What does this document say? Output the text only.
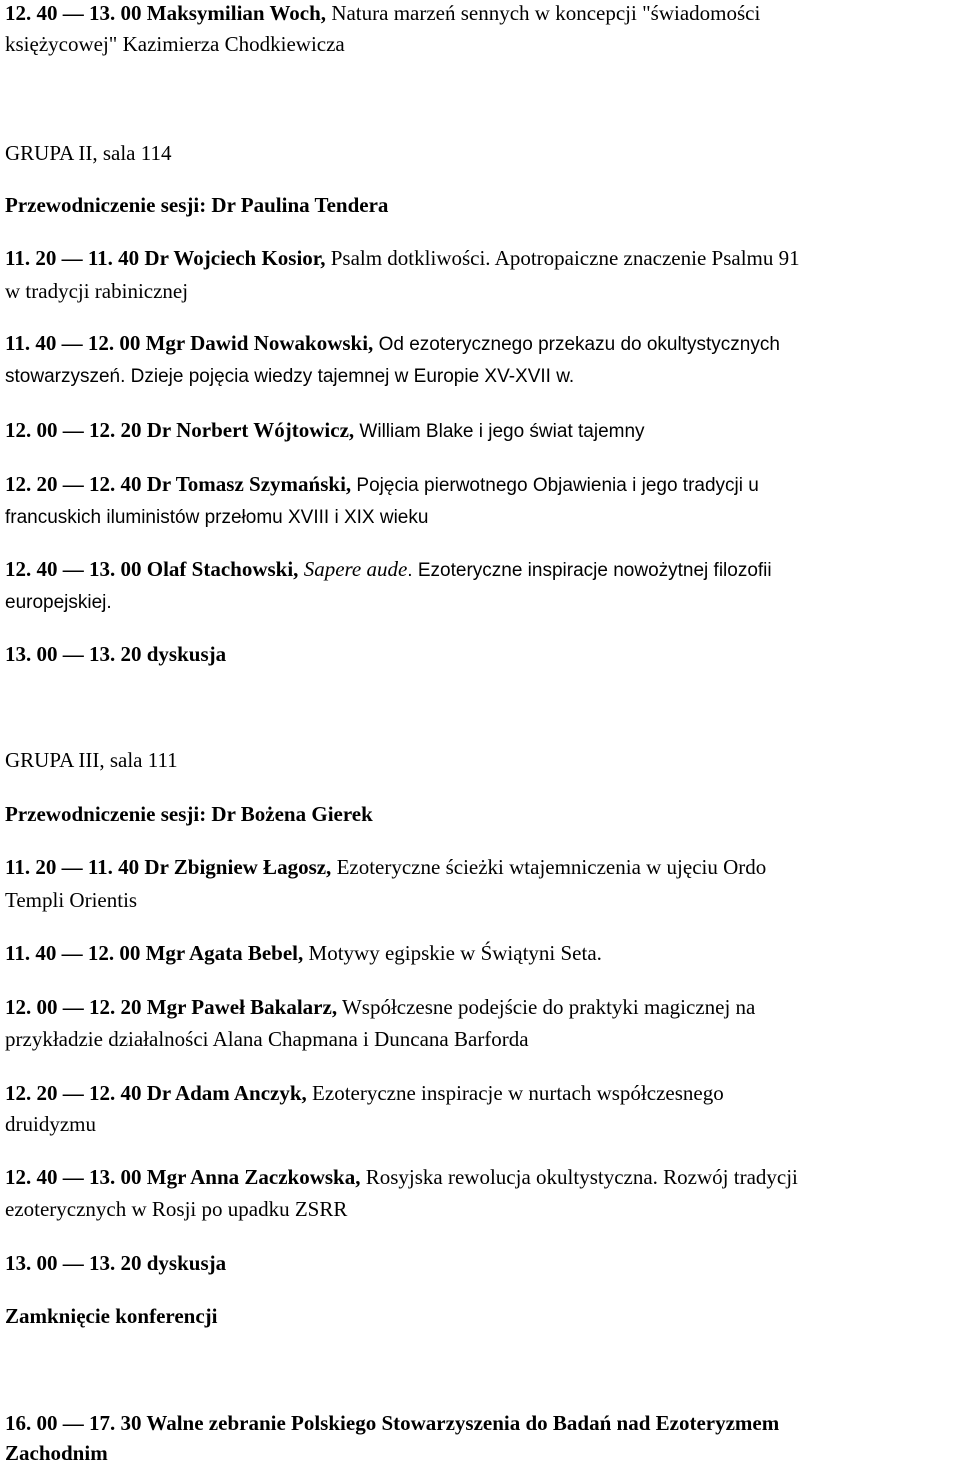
12. 40 — 13. 00 Maksymilian Woch, Natura marzeń sennych w koncepcji "świadomości
księżycowej" Kazimierza Chodkiewicza
GRUPA II, sala 114
Przewodniczenie sesji: Dr Paulina Tendera
11. 20 — 11. 40 Dr Wojciech Kosior, Psalm dotkliwości. Apotropaiczne znaczenie Psalmu 91
w tradycji rabinicznej
11. 40 — 12. 00 Mgr Dawid Nowakowski, Od ezoterycznego przekazu do okultystycznych
stowarzyszeń. Dzieje pojęcia wiedzy tajemnej w Europie XV-XVII w.
12. 00 — 12. 20 Dr Norbert Wójtowicz, William Blake i jego świat tajemny
12. 20 — 12. 40 Dr Tomasz Szymański, Pojęcia pierwotnego Objawienia i jego tradycji u
francuskich iluministów przełomu XVIII i XIX wieku
12. 40 — 13. 00 Olaf Stachowski, Sapere aude. Ezoteryczne inspiracje nowożytnej filozofii
europejskiej.
13. 00 — 13. 20 dyskusja
GRUPA III, sala 111
Przewodniczenie sesji: Dr Bożena Gierek
11. 20 — 11. 40 Dr Zbigniew Łagosz, Ezoteryczne ścieżki wtajemniczenia w ujęciu Ordo
Templi Orientis
11. 40 — 12. 00 Mgr Agata Bebel, Motywy egipskie w Świątyni Seta.
12. 00 — 12. 20 Mgr Paweł Bakalarz, Współczesne podejście do praktyki magicznej na
przykładzie działalności Alana Chapmana i Duncana Barforda
12. 20 — 12. 40 Dr Adam Anczyk, Ezoteryczne inspiracje w nurtach współczesnego
druidyzmu
12. 40 — 13. 00 Mgr Anna Zaczkowska, Rosyjska rewolucja okultystyczna. Rozwój tradycji
ezoterycznych w Rosji po upadku ZSRR
13. 00 — 13. 20 dyskusja
Zamknięcie konferencji
16. 00 — 17. 30 Walne zebranie Polskiego Stowarzyszenia do Badań nad Ezoteryzmem
Zachodnim
